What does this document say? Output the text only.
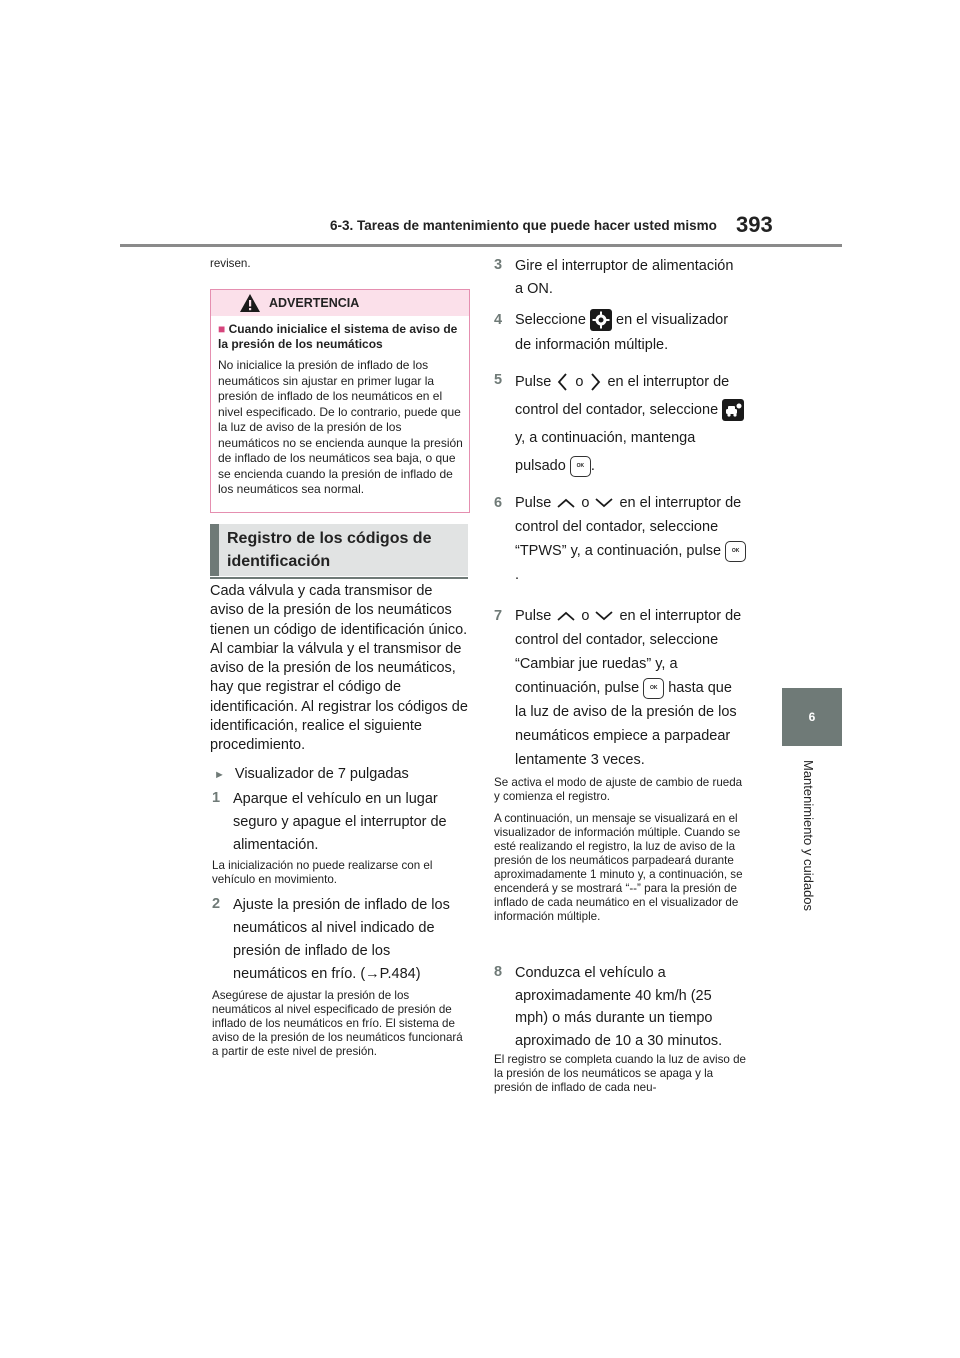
6-3. Tareas de mantenimiento que puede hacer usted mismo 393
6
Mantenimiento y cuidados
revisen.
ADVERTENCIA
■ Cuando inicialice el sistema de aviso de la presión de los neumáticos
No inicialice la presión de inflado de los neumáticos sin ajustar en primer lugar la presión de inflado de los neumáticos en el nivel especificado. De lo contrario, puede que la luz de aviso de la presión de los neumáticos no se encienda aunque la presión de inflado de los neumáticos sea baja, o que se encienda cuando la presión de inflado de los neumáticos sea normal.
Registro de los códigos de identificación
Cada válvula y cada transmisor de aviso de la presión de los neumáticos tienen un código de identificación único. Al cambiar la válvula y el transmisor de aviso de la presión de los neumáticos, hay que registrar el código de identificación. Al registrar los códigos de identificación, realice el siguiente procedimiento.
► Visualizador de 7 pulgadas
1 Aparque el vehículo en un lugar seguro y apague el interruptor de alimentación.
La inicialización no puede realizarse con el vehículo en movimiento.
2 Ajuste la presión de inflado de los neumáticos al nivel indicado de presión de inflado de los neumáticos en frío. (→P.484)
Asegúrese de ajustar la presión de los neumáticos al nivel especificado de presión de inflado de los neumáticos en frío. El sistema de aviso de la presión de los neumáticos funcionará a partir de este nivel de presión.
3 Gire el interruptor de alimentación a ON.
4 Seleccione en el visualizador de información múltiple.
5 Pulse o en el interruptor de control del contador, seleccione  y, a continuación, mantenga pulsado OK .
6 Pulse o en el interruptor de control del contador, seleccione “TPWS” y, a continuación, pulse OK.
7 Pulse o en el interruptor de control del contador, seleccione “Cambiar jue ruedas” y, a continuación, pulse OK hasta que la luz de aviso de la presión de los neumáticos empiece a parpadear lentamente 3 veces.
Se activa el modo de ajuste de cambio de rueda y comienza el registro.
A continuación, un mensaje se visualizará en el visualizador de información múltiple. Cuando se esté realizando el registro, la luz de aviso de la presión de los neumáticos parpadeará durante aproximadamente 1 minuto y, a continuación, se encenderá y se mostrará “--” para la presión de inflado de cada neumático en el visualizador de información múltiple.
8 Conduzca el vehículo a aproximadamente 40 km/h (25 mph) o más durante un tiempo aproximado de 10 a 30 minutos.
El registro se completa cuando la luz de aviso de la presión de los neumáticos se apaga y la presión de inflado de cada neu-
